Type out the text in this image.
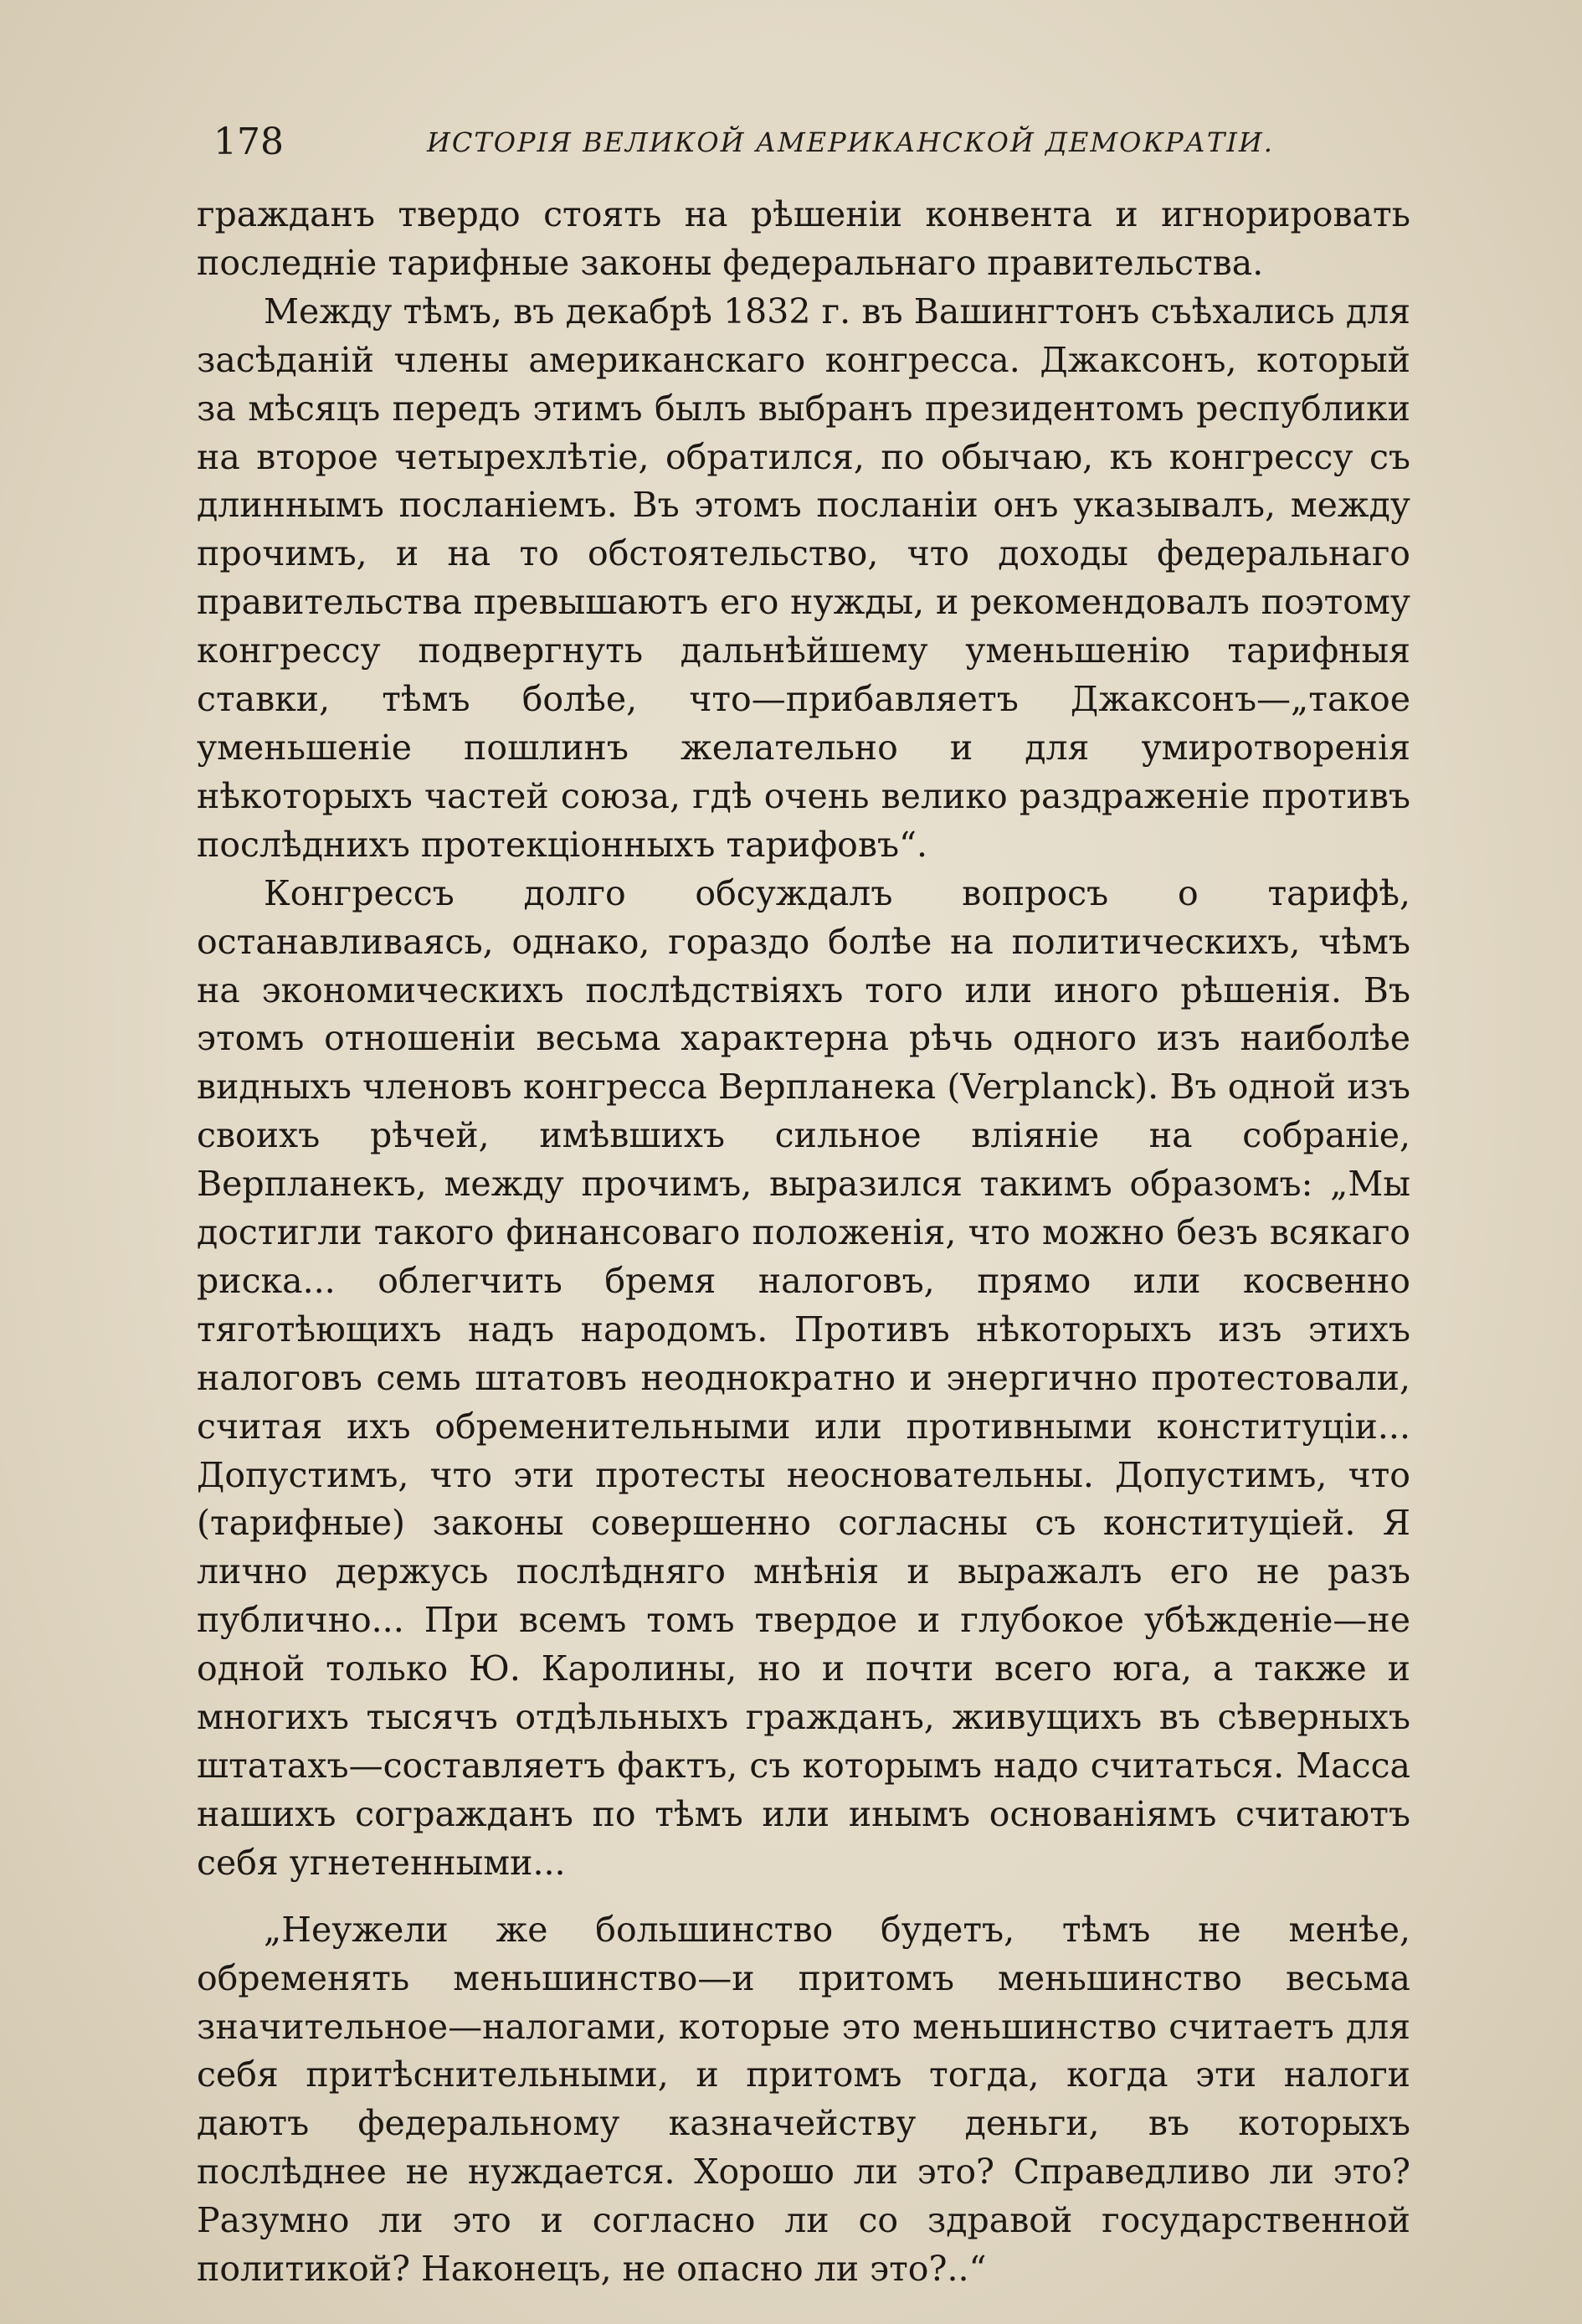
178	ИСТОРІЯ ВЕЛИКОЙ АМЕРИКАНСКОЙ ДЕМОКРАТІИ.

гражданъ твердо стоять на рѣшеніи конвента и игнорировать последніе тарифные законы федеральнаго правительства.

Между тѣмъ, въ декабрѣ 1832 г. въ Вашингтонъ съѣхались для засѣданій члены американскаго конгресса. Джаксонъ, который за мѣсяцъ передъ этимъ былъ выбранъ президентомъ республики на второе четырехлѣтіе, обратился, по обычаю, къ конгрессу съ длиннымъ посланіемъ. Въ этомъ посланіи онъ указывалъ, между прочимъ, и на то обстоятельство, что доходы федеральнаго правительства превышаютъ его нужды, и рекомендовалъ поэтому конгрессу подвергнуть дальнѣйшему уменьшенію тарифныя ставки, тѣмъ болѣе, что—прибавляетъ Джаксонъ—„такое уменьшеніе пошлинъ желательно и для умиротворенія нѣкоторыхъ частей союза, гдѣ очень велико раздраженіе противъ послѣднихъ протекціонныхъ тарифовъ“.

Конгрессъ долго обсуждалъ вопросъ о тарифѣ, останавливаясь, однако, гораздо болѣе на политическихъ, чѣмъ на экономическихъ послѣдствіяхъ того или иного рѣшенія. Въ этомъ отношеніи весьма характерна рѣчь одного изъ наиболѣе видныхъ членовъ конгресса Верпланека (Verplanck). Въ одной изъ своихъ рѣчей, имѣвшихъ сильное вліяніе на собраніе, Верпланекъ, между прочимъ, выразился такимъ образомъ: „Мы достигли такого финансоваго положенія, что можно безъ всякаго риска... облегчить бремя налоговъ, прямо или косвенно тяготѣющихъ надъ народомъ. Противъ нѣкоторыхъ изъ этихъ налоговъ семь штатовъ неоднократно и энергично протестовали, считая ихъ обременительными или противными конституціи... Допустимъ, что эти протесты неосновательны. Допустимъ, что (тарифные) законы совершенно согласны съ конституціей. Я лично держусь послѣдняго мнѣнія и выражалъ его не разъ публично... При всемъ томъ твердое и глубокое убѣжденіе—не одной только Ю. Каролины, но и почти всего юга, а также и многихъ тысячъ отдѣльныхъ гражданъ, живущихъ въ сѣверныхъ штатахъ—составляетъ фактъ, съ которымъ надо считаться. Масса нашихъ согражданъ по тѣмъ или инымъ основаніямъ считаютъ себя угнетенными...

„Неужели же большинство будетъ, тѣмъ не менѣе, обременять меньшинство—и притомъ меньшинство весьма значительное—налогами, которые это меньшинство считаетъ для себя притѣснительными, и притомъ тогда, когда эти налоги даютъ федеральному казначейству деньги, въ которыхъ послѣднее не нуждается. Хорошо ли это? Справедливо ли это? Разумно ли это и согласно ли со здравой государственной политикой? Наконецъ, не опасно ли это?..“
